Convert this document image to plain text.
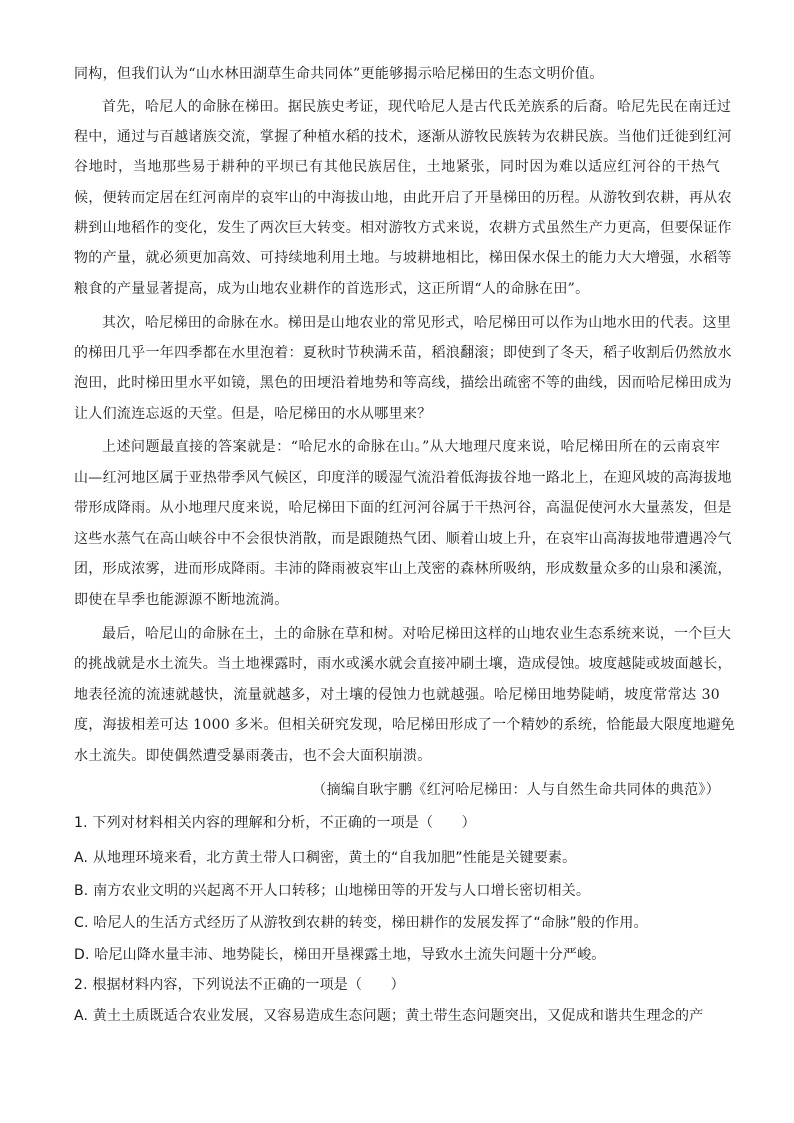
同构，但我们认为“山水林田湖草生命共同体”更能够揭示哈尼梯田的生态文明价值。
首先，哈尼人的命脉在梯田。据民族史考证，现代哈尼人是古代氐羌族系的后裔。哈尼先民在南迁过
程中，通过与百越诸族交流，掌握了种植水稻的技术，逐渐从游牧民族转为农耕民族。当他们迁徙到红河
谷地时，当地那些易于耕种的平坝已有其他民族居住，土地紧张，同时因为难以适应红河谷的干热气
候，便转而定居在红河南岸的哀牢山的中海拔山地，由此开启了开垦梯田的历程。从游牧到农耕，再从农
耕到山地稻作的变化，发生了两次巨大转变。相对游牧方式来说，农耕方式虽然生产力更高，但要保证作
物的产量，就必须更加高效、可持续地利用土地。与坡耕地相比，梯田保水保土的能力大大增强，水稻等
粮食的产量显著提高，成为山地农业耕作的首选形式，这正所谓“人的命脉在田”。
其次，哈尼梯田的命脉在水。梯田是山地农业的常见形式，哈尼梯田可以作为山地水田的代表。这里
的梯田几乎一年四季都在水里泡着：夏秋时节秧满禾苗，稻浪翻滚；即使到了冬天，稻子收割后仍然放水
泡田，此时梯田里水平如镜，黑色的田埂沿着地势和等高线，描绘出疏密不等的曲线，因而哈尼梯田成为
让人们流连忘返的天堂。但是，哈尼梯田的水从哪里来？
上述问题最直接的答案就是：“哈尼水的命脉在山。”从大地理尺度来说，哈尼梯田所在的云南哀牢
山—红河地区属于亚热带季风气候区，印度洋的暖湿气流沿着低海拔谷地一路北上，在迎风坡的高海拔地
带形成降雨。从小地理尺度来说，哈尼梯田下面的红河河谷属于干热河谷，高温促使河水大量蒸发，但是
这些水蒸气在高山峡谷中不会很快消散，而是跟随热气团、顺着山坡上升，在哀牢山高海拔地带遭遇冷气
团，形成浓雾，进而形成降雨。丰沛的降雨被哀牢山上茂密的森林所吸纳，形成数量众多的山泉和溪流，
即使在旱季也能源源不断地流淌。
最后，哈尼山的命脉在土，土的命脉在草和树。对哈尼梯田这样的山地农业生态系统来说，一个巨大
的挑战就是水土流失。当土地裸露时，雨水或溪水就会直接冲刷土壤，造成侵蚀。坡度越陡或坡面越长，
地表径流的流速就越快，流量就越多，对土壤的侵蚀力也就越强。哈尼梯田地势陡峭，坡度常常达 30
度，海拔相差可达 1000 多米。但相关研究发现，哈尼梯田形成了一个精妙的系统，恰能最大限度地避免
水土流失。即使偶然遭受暴雨袭击，也不会大面积崩溃。
（摘编自耿宇鹏《红河哈尼梯田：人与自然生命共同体的典范》）
1. 下列对材料相关内容的理解和分析，不正确的一项是（　　）
A. 从地理环境来看，北方黄土带人口稠密，黄土的“自我加肥”性能是关键要素。
B. 南方农业文明的兴起离不开人口转移；山地梯田等的开发与人口增长密切相关。
C. 哈尼人的生活方式经历了从游牧到农耕的转变，梯田耕作的发展发挥了“命脉”般的作用。
D. 哈尼山降水量丰沛、地势陡长，梯田开垦裸露土地，导致水土流失问题十分严峻。
2. 根据材料内容，下列说法不正确的一项是（　　）
A. 黄土土质既适合农业发展，又容易造成生态问题；黄土带生态问题突出，又促成和谐共生理念的产
